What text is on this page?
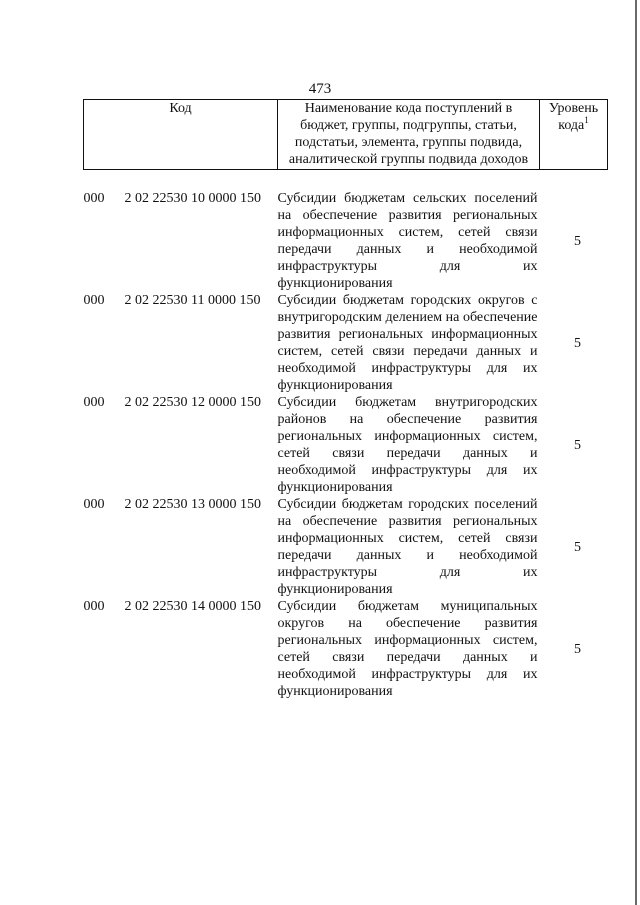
473
Код	Наименование кода поступлений в бюджет, группы, подгруппы, статьи, подстатьи, элемента, группы подвида, аналитической группы подвида доходов	Уровень кода$^1$

000 2 02 22530 10 0000 150	Субсидии бюджетам сельских поселений на обеспечение развития региональных информационных систем, сетей связи передачи данных и необходимой инфраструктуры для их функционирования	5
000 2 02 22530 11 0000 150	Субсидии бюджетам городских округов с внутригородским делением на обеспечение развития региональных информационных систем, сетей связи передачи данных и необходимой инфраструктуры для их функционирования	5
000 2 02 22530 12 0000 150	Субсидии бюджетам внутригородских районов на обеспечение развития региональных информационных систем, сетей связи передачи данных и необходимой инфраструктуры для их функционирования	5
000 2 02 22530 13 0000 150	Субсидии бюджетам городских поселений на обеспечение развития региональных информационных систем, сетей связи передачи данных и необходимой инфраструктуры для их функционирования	5
000 2 02 22530 14 0000 150	Субсидии бюджетам муниципальных округов на обеспечение развития региональных информационных систем, сетей связи передачи данных и необходимой инфраструктуры для их функционирования	5
